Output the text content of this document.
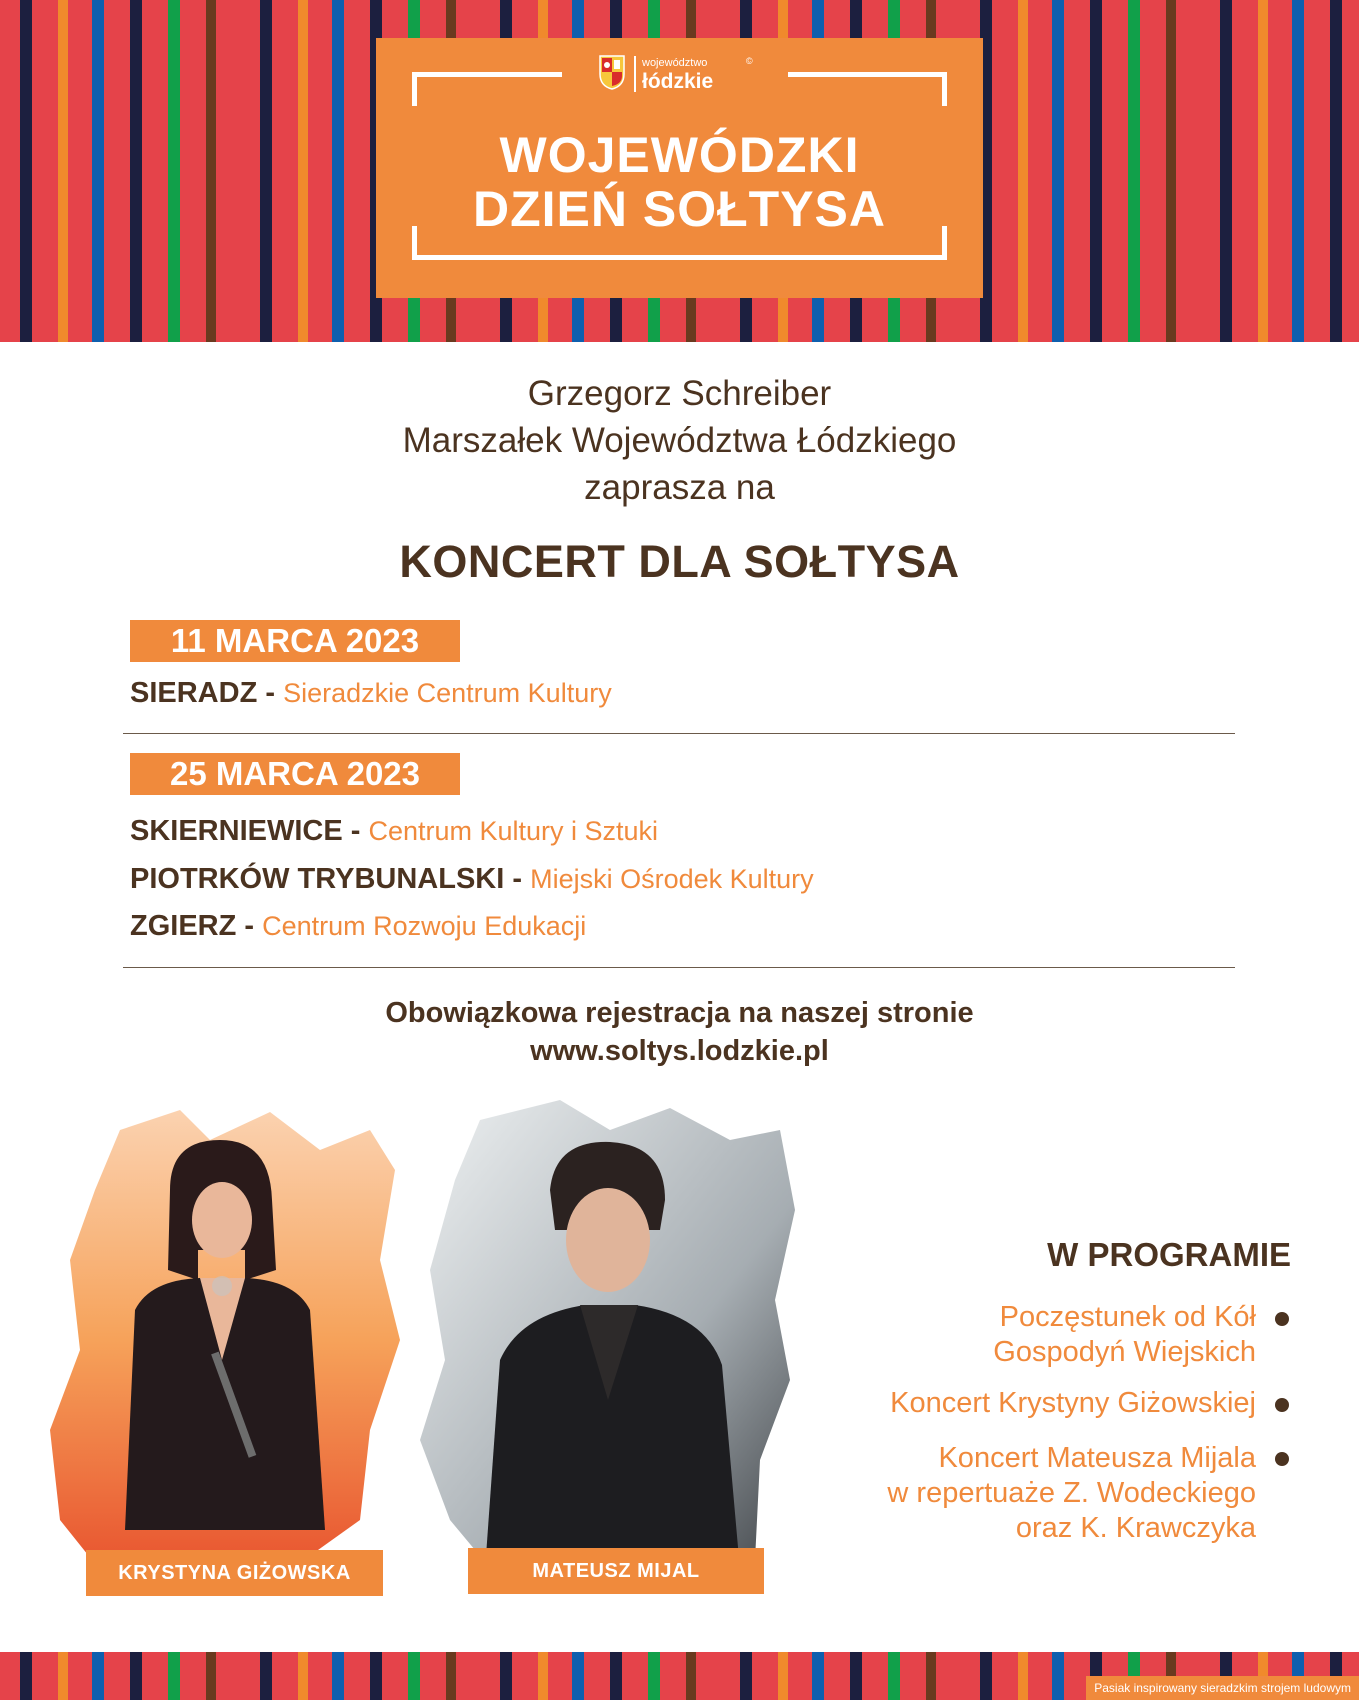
województwo
łódzkie
©
WOJEWÓDZKI
DZIEŃ SOŁTYSA
Grzegorz Schreiber
Marszałek Województwa Łódzkiego
zaprasza na
KONCERT DLA SOŁTYSA
11 MARCA 2023
SIERADZ - Sieradzkie Centrum Kultury
25 MARCA 2023
SKIERNIEWICE - Centrum Kultury i Sztuki
PIOTRKÓW TRYBUNALSKI - Miejski Ośrodek Kultury
ZGIERZ - Centrum Rozwoju Edukacji
Obowiązkowa rejestracja na naszej stronie
www.soltys.lodzkie.pl
KRYSTYNA GIŻOWSKA	MATEUSZ MIJAL
W PROGRAMIE
Poczęstunek od Kół
Gospodyń Wiejskich
Koncert Krystyny Giżowskiej
Koncert Mateusza Mijala
w repertuaże Z. Wodeckiego
oraz K. Krawczyka
Pasiak inspirowany sieradzkim strojem ludowym
